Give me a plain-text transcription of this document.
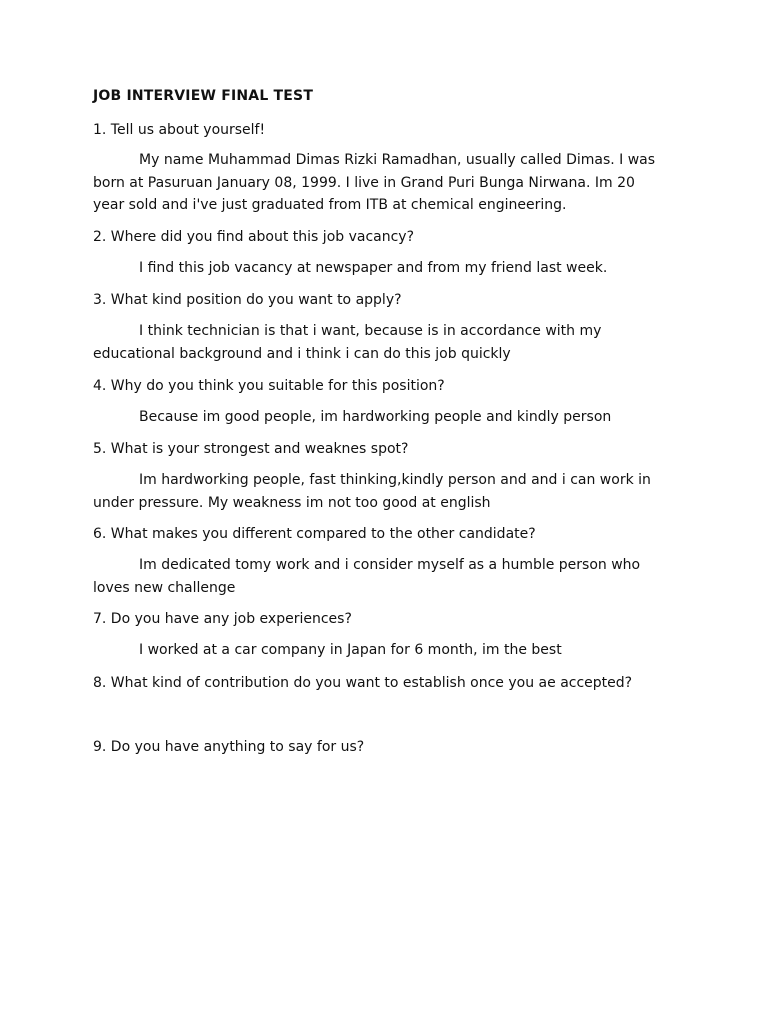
JOB INTERVIEW FINAL TEST
1. Tell us about yourself!
My name Muhammad Dimas Rizki Ramadhan, usually called Dimas. I was born at Pasuruan January 08, 1999. I live in Grand Puri Bunga Nirwana. Im 20 year sold and i've just graduated from ITB at chemical engineering.
2. Where did you find about this job vacancy?
I find this job vacancy at newspaper and from my friend last week.
3. What kind position do you want to apply?
I think technician is that i want, because is in accordance with my educational background and i think i can do this job quickly
4. Why do you think you suitable for this position?
Because im good people, im hardworking people and kindly person
5. What is your strongest and weaknes spot?
Im hardworking people, fast thinking,kindly person and and i can work in under pressure. My weakness im not too good at english
6. What makes you different compared to the other candidate?
Im dedicated tomy work and i consider myself as a humble person who loves new challenge
7. Do you have any job experiences?
I worked at a car company in Japan for 6 month, im the best
8. What kind of contribution do you want to establish once you ae accepted?
9. Do you have anything to say for us?
